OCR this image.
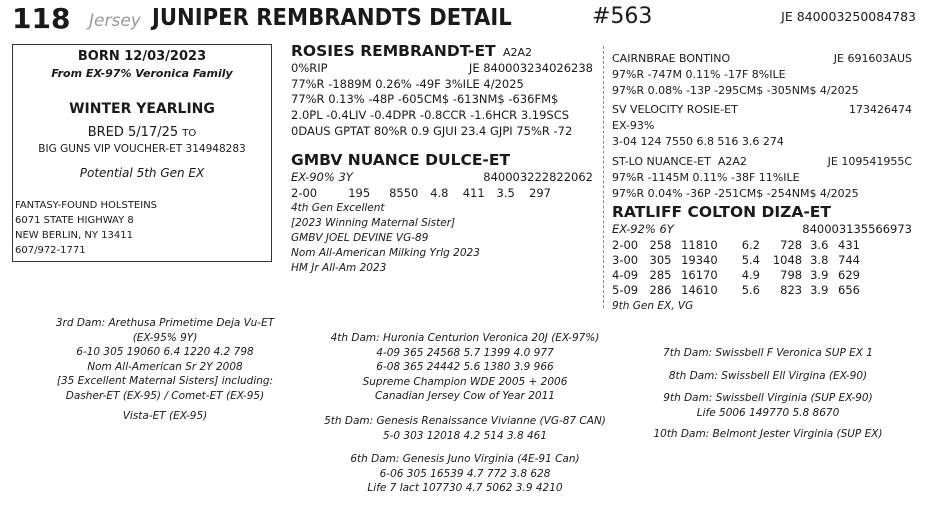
118 Jersey JUNIPER REMBRANDTS DETAIL	#563	JE 840003250084783
BORN 12/03/2023
From EX-97% Veronica Family
WINTER YEARLING
BRED 5/17/25 TO
BIG GUNS VIP VOUCHER-ET 314948283
Potential 5th Gen EX
FANTASY-FOUND HOLSTEINS
6071 STATE HIGHWAY 8
NEW BERLIN, NY 13411
607/972-1771
ROSIES REMBRANDT-ET A2A2
0%RIP	JE 840003234026238
77%R -1889M 0.26% -49F 3%ILE 4/2025
77%R 0.13% -48P -605CM$ -613NM$ -636FM$
2.0PL -0.4LIV -0.4DPR -0.8CCR -1.6HCR 3.19SCS
0DAUS GPTAT 80%R 0.9 GJUI 23.4 GJPI 75%R -72
GMBV NUANCE DULCE-ET
EX-90% 3Y	840003222822062
2-00	195	8550	4.8	411	3.5	297
4th Gen Excellent
[2023 Winning Maternal Sister]
GMBV JOEL DEVINE VG-89
Nom All-American Milking Yrlg 2023
HM Jr All-Am 2023
CAIRNBRAE BONTINO	JE 691603AUS
97%R -747M 0.11% -17F 8%ILE
97%R 0.08% -13P -295CM$ -305NM$ 4/2025
SV VELOCITY ROSIE-ET	173426474
EX-93%
3-04 124 7550 6.8 516 3.6 274
ST-LO NUANCE-ET A2A2	JE 109541955C
97%R -1145M 0.11% -38F 11%ILE
97%R 0.04% -36P -251CM$ -254NM$ 4/2025
RATLIFF COLTON DIZA-ET
EX-92% 6Y	840003135566973
2-00	258	11810	6.2	728	3.6	431
3-00	305	19340	5.4	1048	3.8	744
4-09	285	16170	4.9	798	3.9	629
5-09	286	14610	5.6	823	3.9	656
9th Gen EX, VG
3rd Dam: Arethusa Primetime Deja Vu-ET
(EX-95% 9Y)
6-10 305 19060 6.4 1220 4.2 798
Nom All-American Sr 2Y 2008
[35 Excellent Maternal Sisters] including:
Dasher-ET (EX-95) / Comet-ET (EX-95)
Vista-ET (EX-95)
4th Dam: Huronia Centurion Veronica 20J (EX-97%)
4-09 365 24568 5.7 1399 4.0 977
6-08 365 24442 5.6 1380 3.9 966
Supreme Champion WDE 2005 + 2006
Canadian Jersey Cow of Year 2011
5th Dam: Genesis Renaissance Vivianne (VG-87 CAN)
5-0 303 12018 4.2 514 3.8 461
6th Dam: Genesis Juno Virginia (4E-91 Can)
6-06 305 16539 4.7 772 3.8 628
Life 7 lact 107730 4.7 5062 3.9 4210
7th Dam: Swissbell F Veronica SUP EX 1
8th Dam: Swissbell Ell Virgina (EX-90)
9th Dam: Swissbell Virginia (SUP EX-90)
Life 5006 149770 5.8 8670
10th Dam: Belmont Jester Virginia (SUP EX)
